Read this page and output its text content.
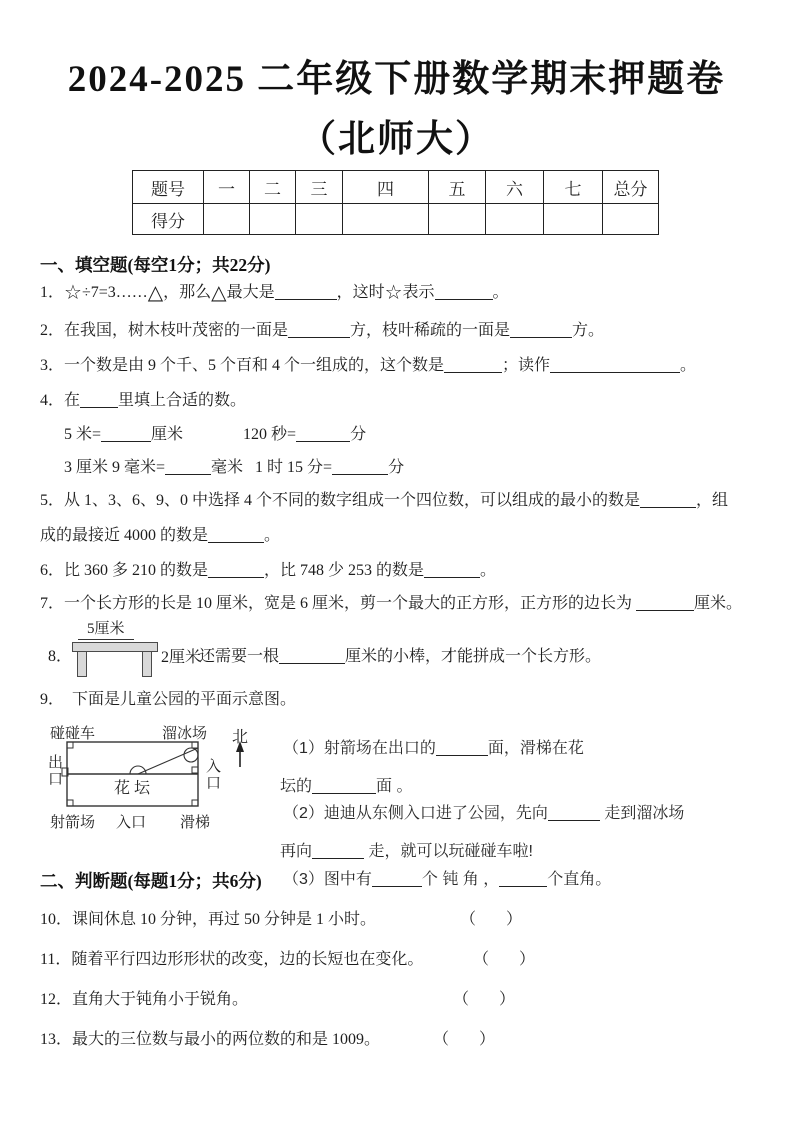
2024-2025 二年级下册数学期末押题卷
（北师大）
题号	一	二	三	四	五	六	七	总分
得分								
一、填空题(每空1分；共22分)
1．☆÷7=3……△，那么△最大是	，这时☆表示	。
2．在我国，树木枝叶茂密的一面是	方，枝叶稀疏的一面是	方。
3．一个数是由 9 个千、5 个百和 4 个一组成的，这个数是	；读作	。
4．在 里填上合适的数。
5 米=	厘米	120 秒=	分
3 厘米 9 毫米=	毫米 1 时 15 分=	分
5．从 1、3、6、9、0 中选择 4 个不同的数字组成一个四位数，可以组成的最小的数是	，组
成的最接近 4000 的数是	。
6．比 360 多 210 的数是	，比 748 少 253 的数是	。
7．一个长方形的长是 10 厘米，宽是 6 厘米，剪一个最大的正方形，正方形的边长为	厘米。
8．
5厘米
2厘米
还需要一根	厘米的小棒，才能拼成一个长方形。
9． 下面是儿童公园的平面示意图。
碰碰车	溜冰场 北
出口	入口
花 坛
射箭场 入口 滑梯
（1）射箭场在出口的	面，滑梯在花
坛的	面 。
（2）迪迪从东侧入口进了公园，先向	走到溜冰场
再向	走，就可以玩碰碰车啦!
（3）图中有	个 钝 角 ，	个直角。
二、判断题(每题1分；共6分)
10．课间休息 10 分钟，再过 50 分钟是 1 小时。	（ ）
11．随着平行四边形形状的改变，边的长短也在变化。	（ ）
12．直角大于钝角小于锐角。	（ ）
13．最大的三位数与最小的两位数的和是 1009。	（ ）
